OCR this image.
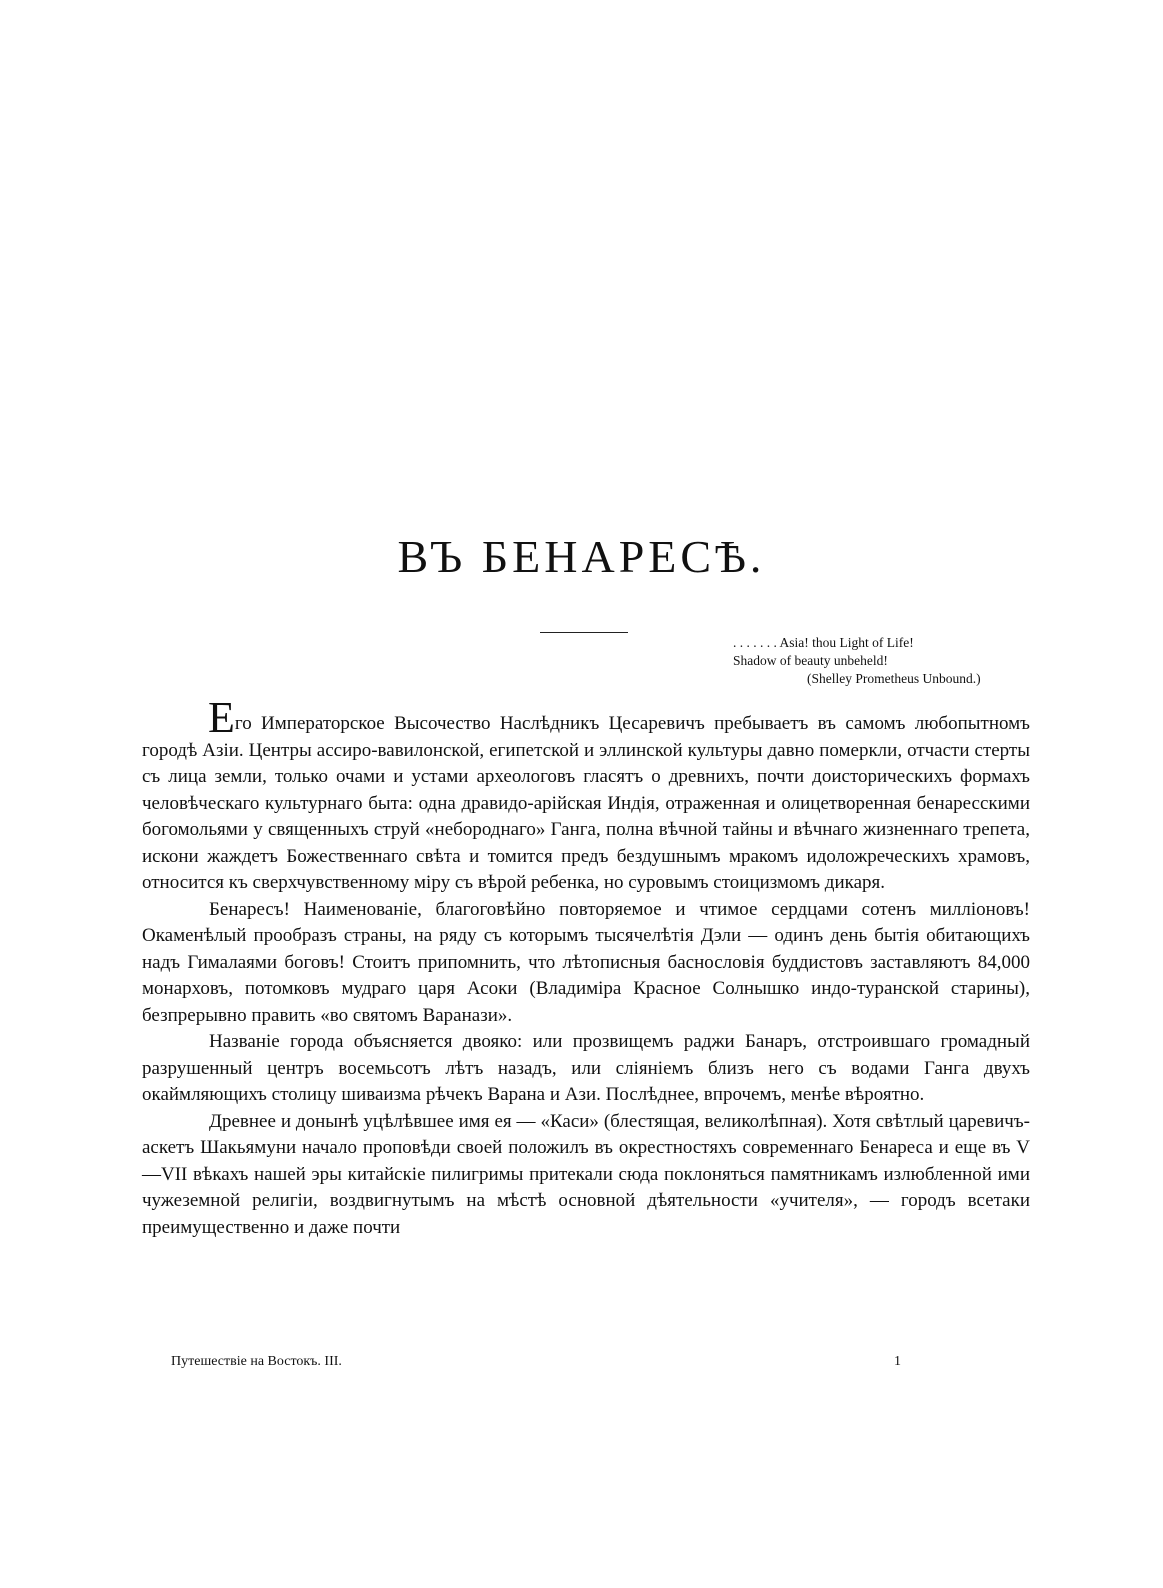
ВЪ БЕНАРЕСѢ.
. . . . . . . Asia! thou Light of Life!
Shadow of beauty unbeheld!
(Shelley Prometheus Unbound.)

Его Императорское Высочество Наслѣдникъ Цесаревичъ пребываетъ въ самомъ любопытномъ городѣ Азіи. Центры ассиро-вавилонской, египетской и эллинской культуры давно померкли, отчасти стерты съ лица земли, только очами и устами археологовъ гласятъ о древнихъ, почти доисторическихъ формахъ человѣческаго культурнаго быта: одна дравидо-арійская Индія, отраженная и олицетворенная бенаресскими богомольями у священныхъ струй «небороднаго» Ганга, полна вѣчной тайны и вѣчнаго жизненнаго трепета, искони жаждетъ Божественнаго свѣта и томится предъ бездушнымъ мракомъ идоложреческихъ храмовъ, относится къ сверхчувственному міру съ вѣрой ребенка, но суровымъ стоицизмомъ дикаря.

Бенаресъ! Наименованіе, благоговѣйно повторяемое и чтимое сердцами сотенъ милліоновъ! Окаменѣлый прообразъ страны, на ряду съ которымъ тысячелѣтія Дэли — одинъ день бытія обитающихъ надъ Гималаями боговъ! Стоитъ припомнить, что лѣтописныя баснословія буддистовъ заставляютъ 84,000 монарховъ, потомковъ мудраго царя Асоки (Владиміра Красное Солнышко индо-туранской старины), безпрерывно править «во святомъ Варанази».

Названіе города объясняется двояко: или прозвищемъ раджи Банаръ, отстроившаго громадный разрушенный центръ восемьсотъ лѣтъ назадъ, или сліяніемъ близъ него съ водами Ганга двухъ окаймляющихъ столицу шиваизма рѣчекъ Варана и Ази. Послѣднее, впрочемъ, менѣе вѣроятно.

Древнее и донынѣ уцѣлѣвшее имя ея — «Каси» (блестящая, великолѣпная). Хотя свѣтлый царевичъ-аскетъ Шакьямуни начало проповѣди своей положилъ въ окрестностяхъ современнаго Бенареса и еще въ V—VII вѣкахъ нашей эры китайскіе пилигримы притекали сюда поклоняться памятникамъ излюбленной ими чужеземной религіи, воздвигнутымъ на мѣстѣ основной дѣятельности «учителя», — городъ всетаки преимущественно и даже почти

Путешествіе на Востокъ. III.	1
